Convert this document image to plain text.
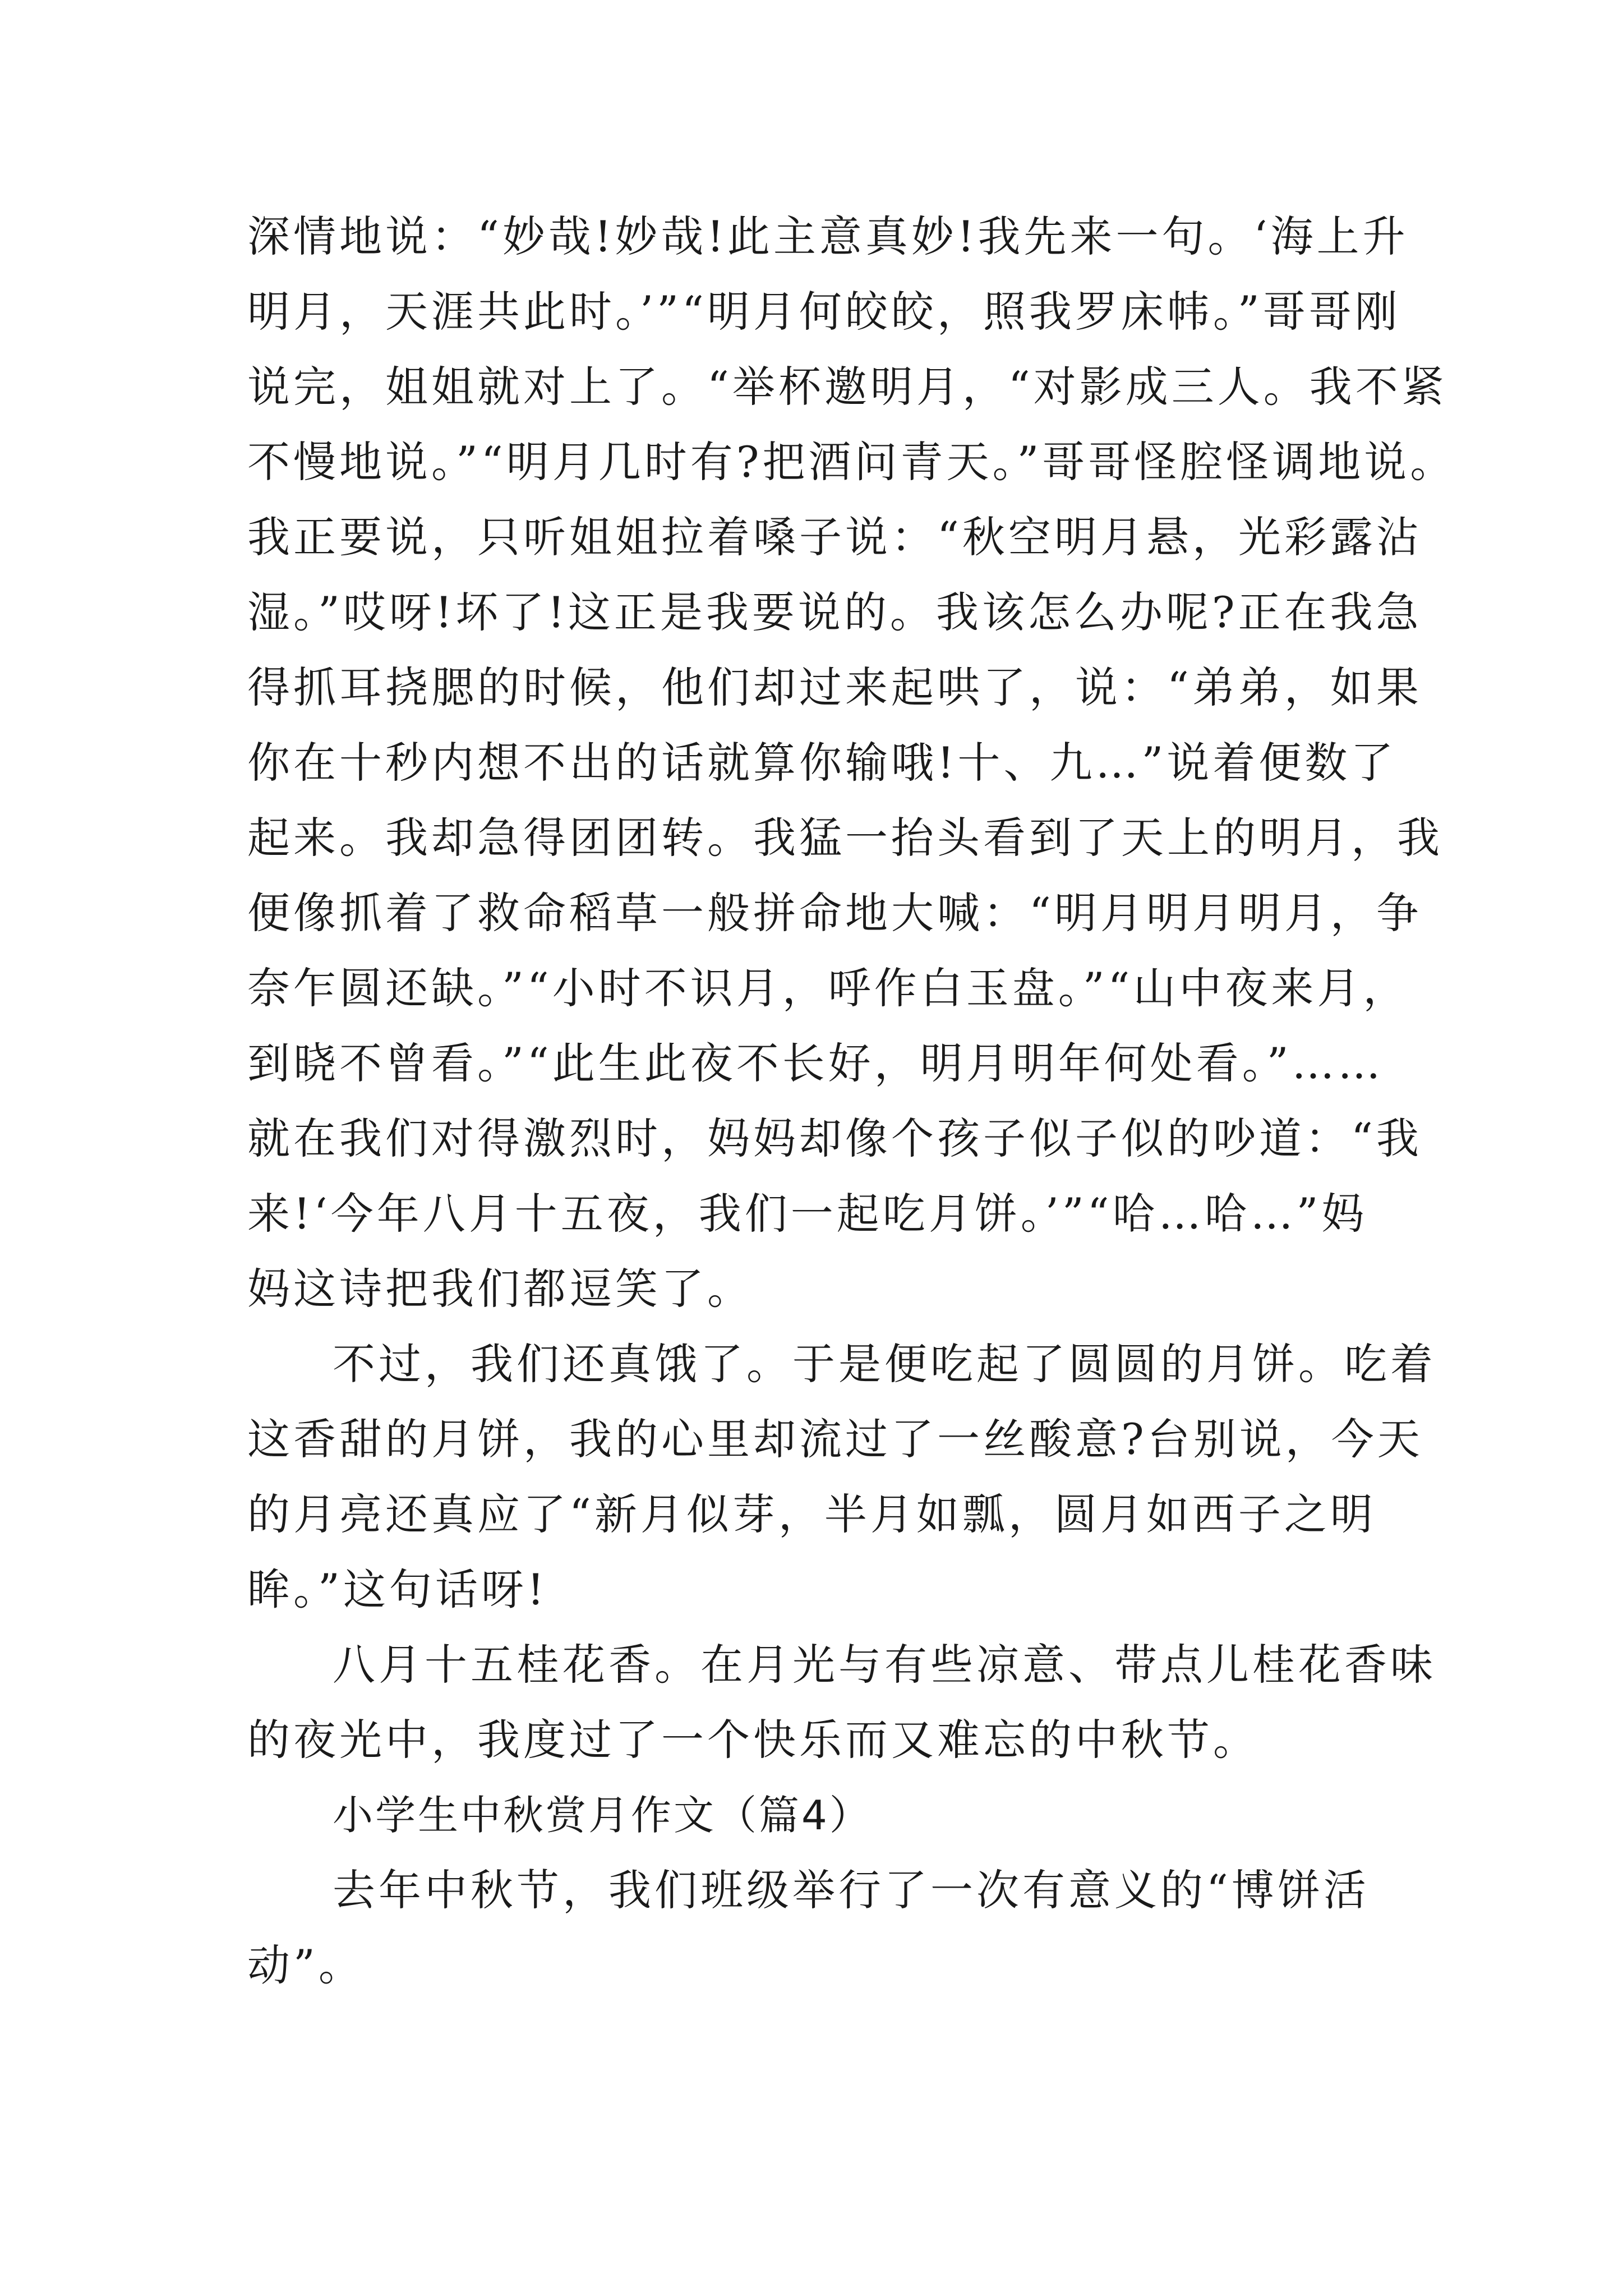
深情地说：“妙哉!妙哉!此主意真妙!我先来一句。‘海上升
明月，天涯共此时。’”“明月何皎皎，照我罗床帏。”哥哥刚
说完，姐姐就对上了。“举杯邀明月，“对影成三人。我不紧
不慢地说。”“明月几时有?把酒问青天。”哥哥怪腔怪调地说。
我正要说，只听姐姐拉着嗓子说：“秋空明月悬，光彩露沾
湿。”哎呀!坏了!这正是我要说的。我该怎么办呢?正在我急
得抓耳挠腮的时候，他们却过来起哄了，说：“弟弟，如果
你在十秒内想不出的话就算你输哦!十、九…”说着便数了
起来。我却急得团团转。我猛一抬头看到了天上的明月，我
便像抓着了救命稻草一般拼命地大喊：“明月明月明月，争
奈乍圆还缺。”“小时不识月，呼作白玉盘。”“山中夜来月，
到晓不曾看。”“此生此夜不长好，明月明年何处看。”……
就在我们对得激烈时，妈妈却像个孩子似子似的吵道：“我
来!‘今年八月十五夜，我们一起吃月饼。’”“哈…哈…”妈
妈这诗把我们都逗笑了。
不过，我们还真饿了。于是便吃起了圆圆的月饼。吃着
这香甜的月饼，我的心里却流过了一丝酸意?台别说，今天
的月亮还真应了“新月似芽，半月如瓢，圆月如西子之明
眸。”这句话呀!
八月十五桂花香。在月光与有些凉意、带点儿桂花香味
的夜光中，我度过了一个快乐而又难忘的中秋节。
小学生中秋赏月作文（篇4）
去年中秋节，我们班级举行了一次有意义的“博饼活
动”。
